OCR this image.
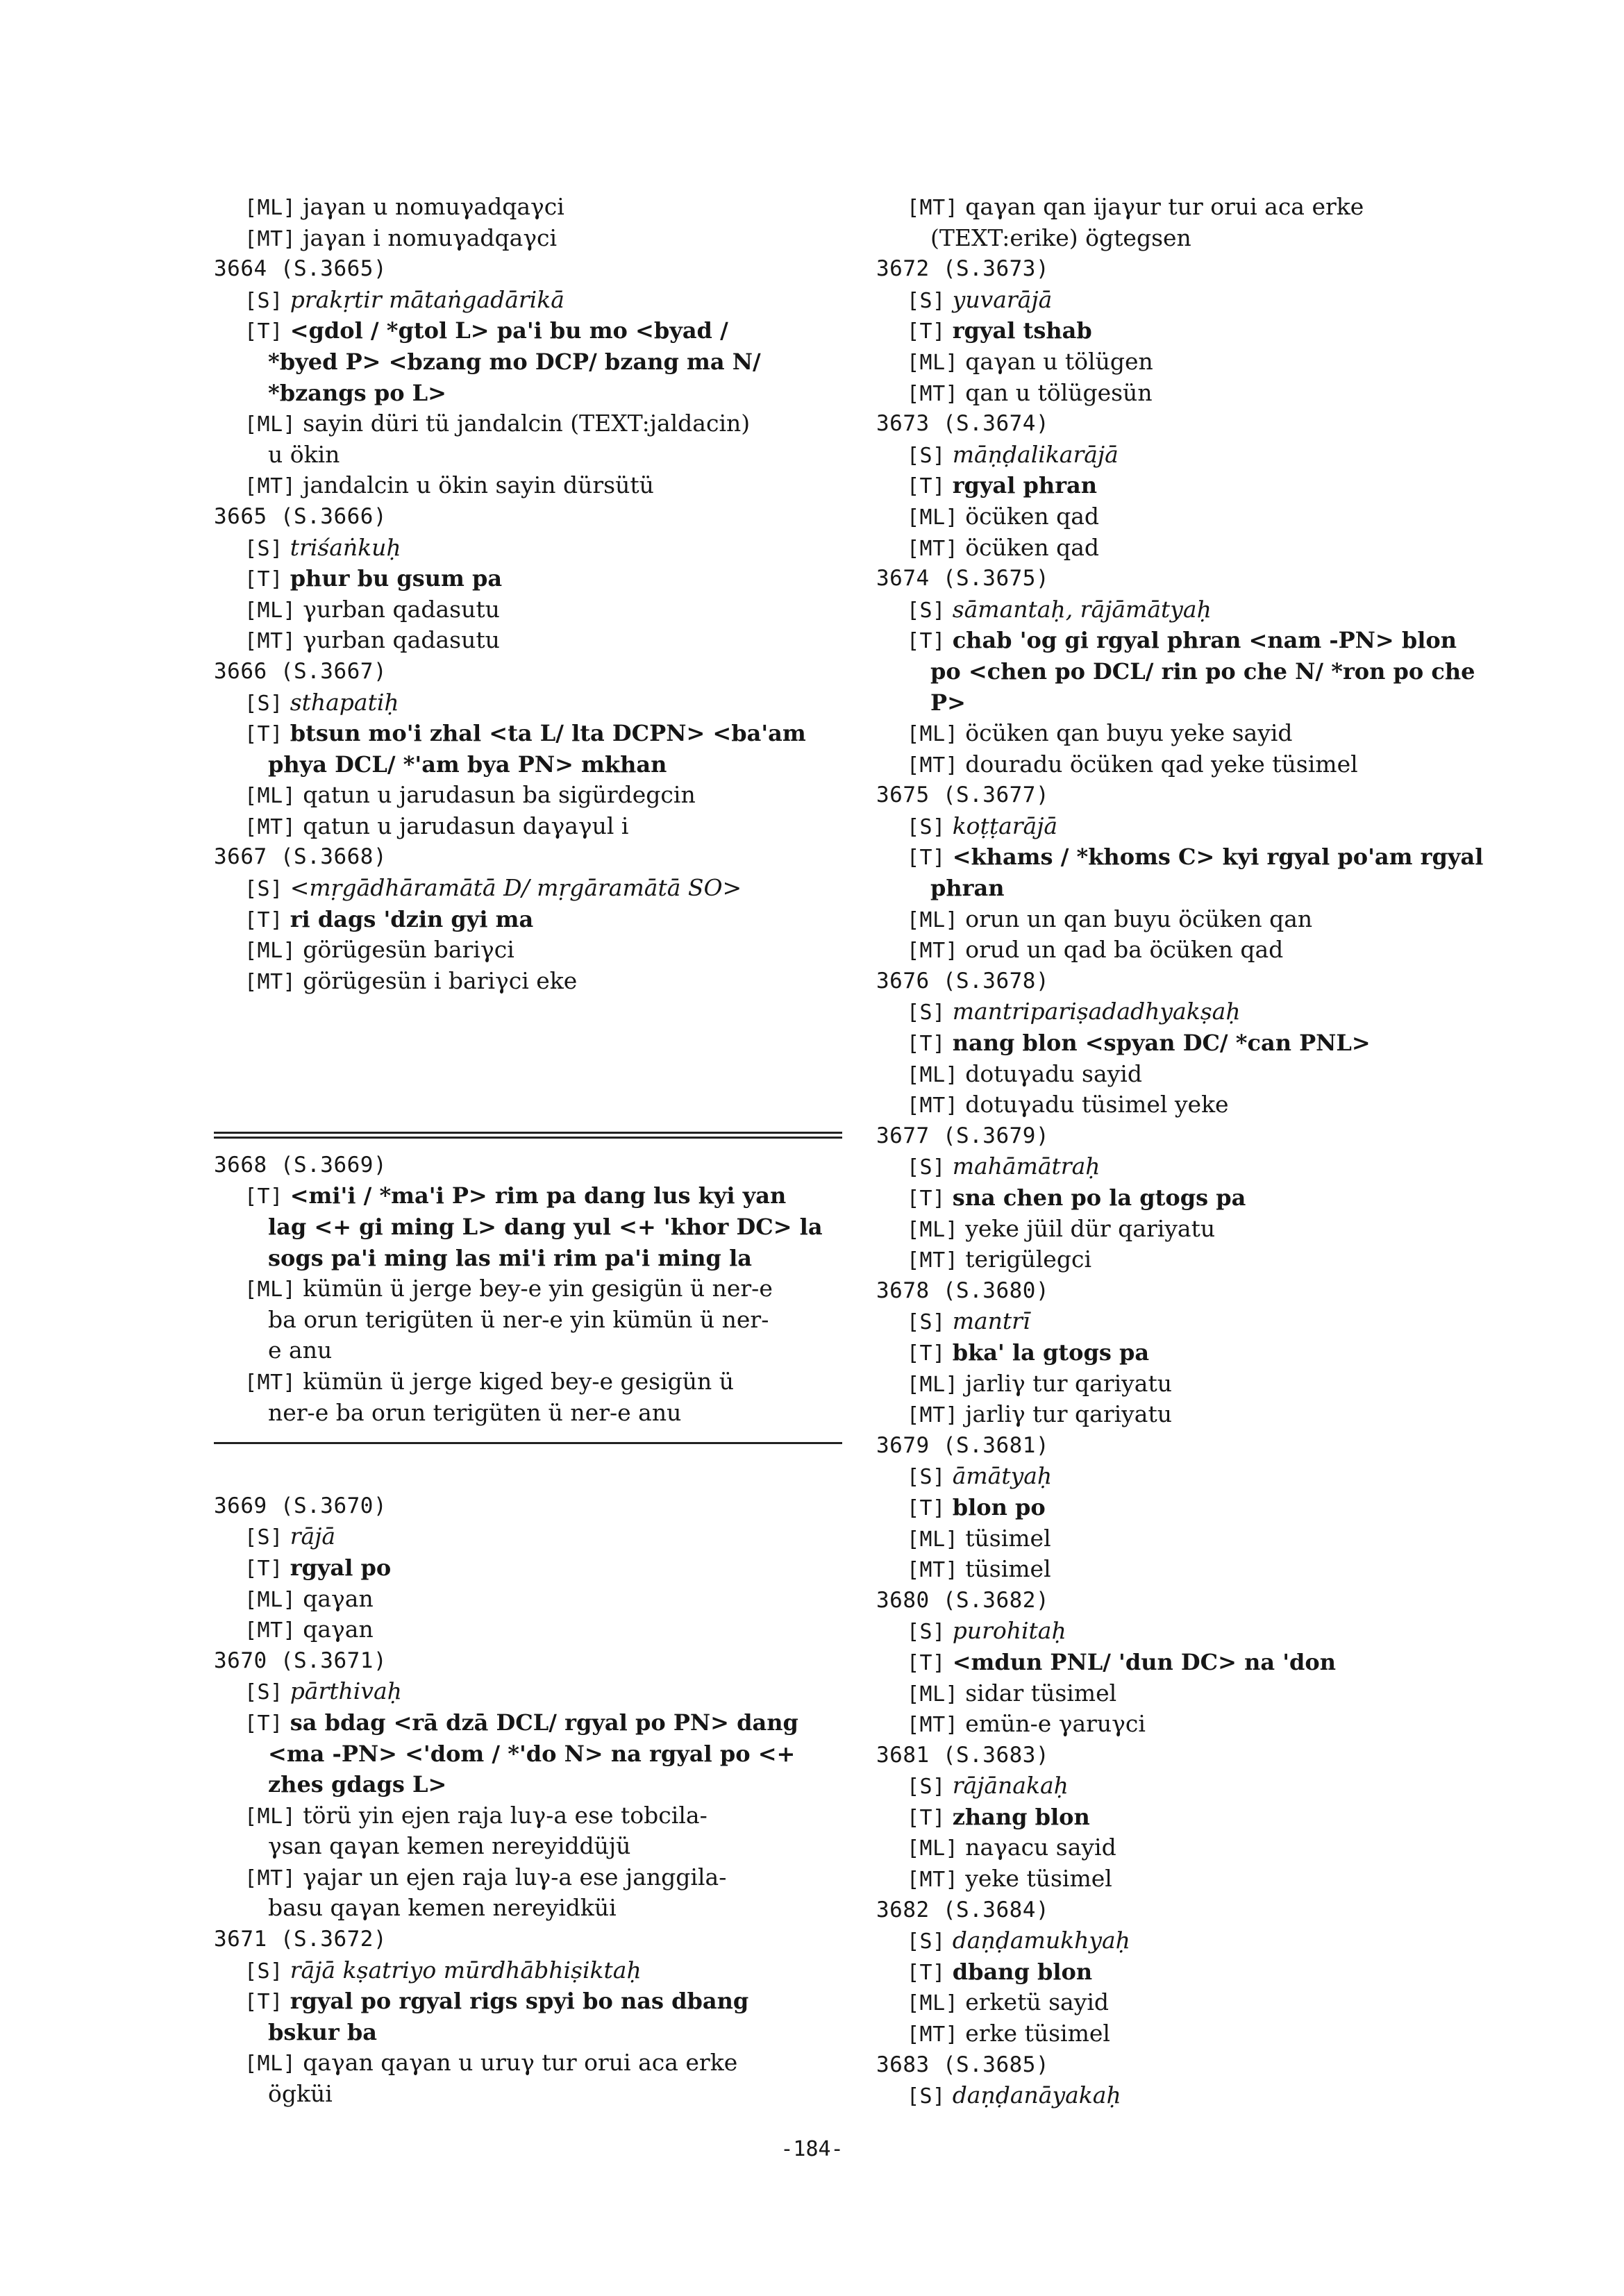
[ML] jaγan u nomuγadqaγci
[MT] jaγan i nomuγadqaγci
3664 (S.3665)
[S] prakṛtir mātaṅgadārikā
[T] <gdol / *gtol L> pa'i bu mo <byad /
*byed P> <bzang mo DCP/ bzang ma N/
*bzangs po L>
[ML] sayin düri tü jandalcin (TEXT:jaldacin)
u ökin
[MT] jandalcin u ökin sayin dürsütü
3665 (S.3666)
[S] triśaṅkuḥ
[T] phur bu gsum pa
[ML] γurban qadasutu
[MT] γurban qadasutu
3666 (S.3667)
[S] sthapatiḥ
[T] btsun mo'i zhal <ta L/ lta DCPN> <ba'am
phya DCL/ *'am bya PN> mkhan
[ML] qatun u jarudasun ba sigürdegcin
[MT] qatun u jarudasun daγaγul i
3667 (S.3668)
[S] <mṛgādhāramātā D/ mṛgāramātā SO>
[T] ri dags 'dzin gyi ma
[ML] görügesün bariγci
[MT] görügesün i bariγci eke
3668 (S.3669)
[T] <mi'i / *ma'i P> rim pa dang lus kyi yan
lag <+ gi ming L> dang yul <+ 'khor DC> la
sogs pa'i ming las mi'i rim pa'i ming la
[ML] kümün ü jerge bey-e yin gesigün ü ner-e
ba orun terigüten ü ner-e yin kümün ü ner-
e anu
[MT] kümün ü jerge kiged bey-e gesigün ü
ner-e ba orun terigüten ü ner-e anu
3669 (S.3670)
[S] rājā
[T] rgyal po
[ML] qaγan
[MT] qaγan
3670 (S.3671)
[S] pārthivaḥ
[T] sa bdag <rā dzā DCL/ rgyal po PN> dang
<ma -PN> <'dom / *'do N> na rgyal po <+
zhes gdags L>
[ML] törü yin ejen raja luγ-a ese tobcila-
γsan qaγan kemen nereyiddüjü
[MT] γajar un ejen raja luγ-a ese janggila-
basu qaγan kemen nereyidküi
3671 (S.3672)
[S] rājā kṣatriyo mūrdhābhiṣiktaḥ
[T] rgyal po rgyal rigs spyi bo nas dbang
bskur ba
[ML] qaγan qaγan u uruγ tur orui aca erke
ögküi
[MT] qaγan qan ijaγur tur orui aca erke
(TEXT:erike) ögtegsen
3672 (S.3673)
[S] yuvarājā
[T] rgyal tshab
[ML] qaγan u tölügen
[MT] qan u tölügesün
3673 (S.3674)
[S] māṇḍalikarājā
[T] rgyal phran
[ML] öcüken qad
[MT] öcüken qad
3674 (S.3675)
[S] sāmantaḥ, rājāmātyaḥ
[T] chab 'og gi rgyal phran <nam -PN> blon
po <chen po DCL/ rin po che N/ *ron po che
P>
[ML] öcüken qan buyu yeke sayid
[MT] douradu öcüken qad yeke tüsimel
3675 (S.3677)
[S] koṭṭarājā
[T] <khams / *khoms C> kyi rgyal po'am rgyal
phran
[ML] orun un qan buyu öcüken qan
[MT] orud un qad ba öcüken qad
3676 (S.3678)
[S] mantripariṣadadhyakṣaḥ
[T] nang blon <spyan DC/ *can PNL>
[ML] dotuγadu sayid
[MT] dotuγadu tüsimel yeke
3677 (S.3679)
[S] mahāmātraḥ
[T] sna chen po la gtogs pa
[ML] yeke jüil dür qariyatu
[MT] terigülegci
3678 (S.3680)
[S] mantrī
[T] bka' la gtogs pa
[ML] jarliγ tur qariyatu
[MT] jarliγ tur qariyatu
3679 (S.3681)
[S] āmātyaḥ
[T] blon po
[ML] tüsimel
[MT] tüsimel
3680 (S.3682)
[S] purohitaḥ
[T] <mdun PNL/ 'dun DC> na 'don
[ML] sidar tüsimel
[MT] emün-e γaruγci
3681 (S.3683)
[S] rājānakaḥ
[T] zhang blon
[ML] naγacu sayid
[MT] yeke tüsimel
3682 (S.3684)
[S] daṇḍamukhyaḥ
[T] dbang blon
[ML] erketü sayid
[MT] erke tüsimel
3683 (S.3685)
[S] daṇḍanāyakaḥ
-184-
